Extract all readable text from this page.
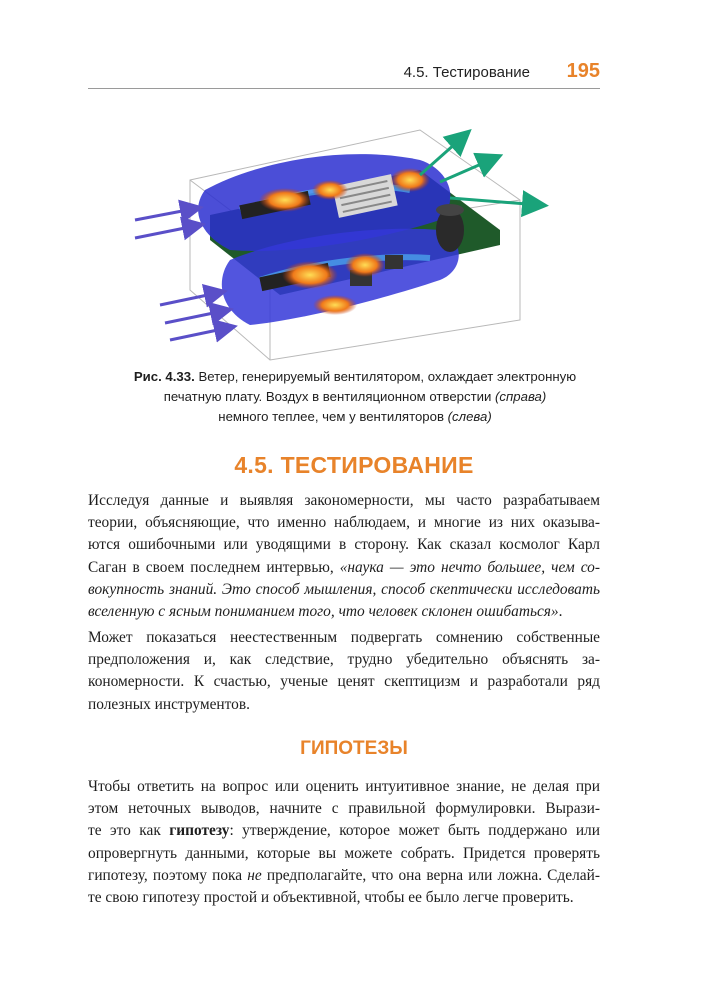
4.5. Тестирование 195
Рис. 4.33. Ветер, генерируемый вентилятором, охлаждает электронную
печатную плату. Воздух в вентиляционном отверстии (справа)
немного теплее, чем у вентиляторов (слева)
4.5. ТЕСТИРОВАНИЕ
Исследуя данные и выявляя закономерности, мы часто разрабатываем
теории, объясняющие, что именно наблюдаем, и многие из них оказыва-
ются ошибочными или уводящими в сторону. Как сказал космолог Карл
Саган в своем последнем интервью, «наука — это нечто большее, чем со-
вокупность знаний. Это способ мышления, способ скептически исследовать
вселенную с ясным пониманием того, что человек склонен ошибаться».
Может показаться неестественным подвергать сомнению собственные
предположения и, как следствие, трудно убедительно объяснять за-
кономерности. К счастью, ученые ценят скептицизм и разработали ряд
полезных инструментов.
ГИПОТЕЗЫ
Чтобы ответить на вопрос или оценить интуитивное знание, не делая при
этом неточных выводов, начните с правильной формулировки. Вырази-
те это как гипотезу: утверждение, которое может быть поддержано или
опровергнуть данными, которые вы можете собрать. Придется проверять
гипотезу, поэтому пока не предполагайте, что она верна или ложна. Сделай-
те свою гипотезу простой и объективной, чтобы ее было легче проверить.
